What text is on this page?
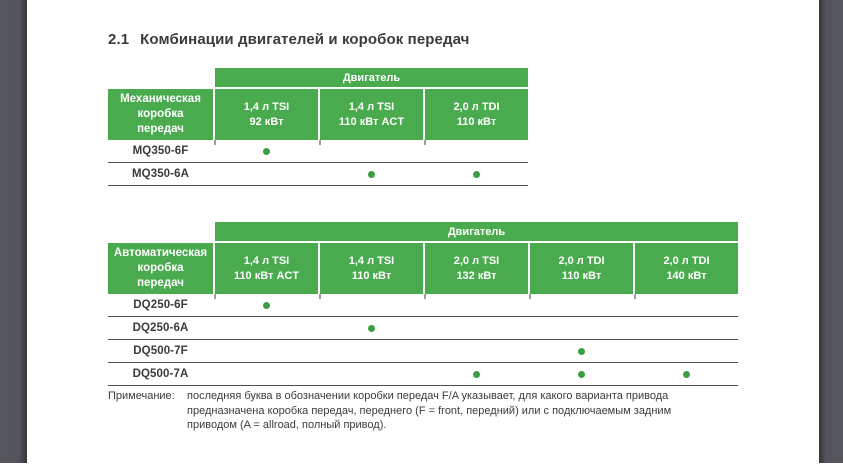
2.1 Комбинации двигателей и коробок передач
Двигатель
Механическая
коробка
передач
1,4 л TSI
92 кВт
1,4 л TSI
110 кВт ACT
2,0 л TDI
110 кВт
MQ350-6F
MQ350-6A
Двигатель
Автоматическая
коробка
передач
1,4 л TSI
110 кВт ACT
1,4 л TSI
110 кВт
2,0 л TSI
132 кВт
2,0 л TDI
110 кВт
2,0 л TDI
140 кВт
DQ250-6F
DQ250-6A
DQ500-7F
DQ500-7A
Примечание:	последняя буква в обозначении коробки передач F/A указывает, для какого варианта привода
предназначена коробка передач, переднего (F = front, передний) или с подключаемым задним
приводом (A = allroad, полный привод).
